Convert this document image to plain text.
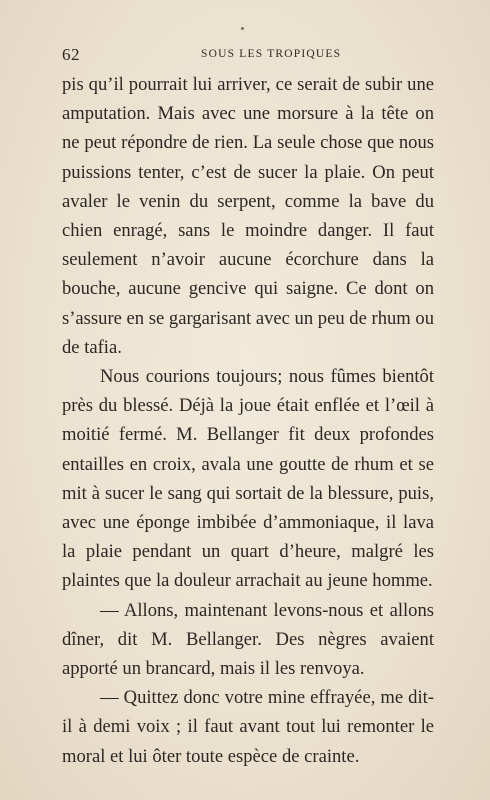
62	SOUS LES TROPIQUES

pis qu’il pourrait lui arriver, ce serait de subir une amputation. Mais avec une morsure à la tête on ne peut répondre de rien. La seule chose que nous puissions tenter, c’est de sucer la plaie. On peut avaler le venin du serpent, comme la bave du chien enragé, sans le moindre danger. Il faut seulement n’avoir aucune écorchure dans la bouche, aucune gencive qui saigne. Ce dont on s’assure en se gargarisant avec un peu de rhum ou de tafia.

Nous courions toujours; nous fûmes bientôt près du blessé. Déjà la joue était enflée et l’œil à moitié fermé. M. Bellanger fit deux profondes entailles en croix, avala une goutte de rhum et se mit à sucer le sang qui sortait de la blessure, puis, avec une éponge imbibée d’ammoniaque, il lava la plaie pendant un quart d’heure, malgré les plaintes que la douleur arrachait au jeune homme.

— Allons, maintenant levons-nous et allons dîner, dit M. Bellanger. Des nègres avaient apporté un brancard, mais il les renvoya.

— Quittez donc votre mine effrayée, me dit-il à demi voix ; il faut avant tout lui remonter le moral et lui ôter toute espèce de crainte.
